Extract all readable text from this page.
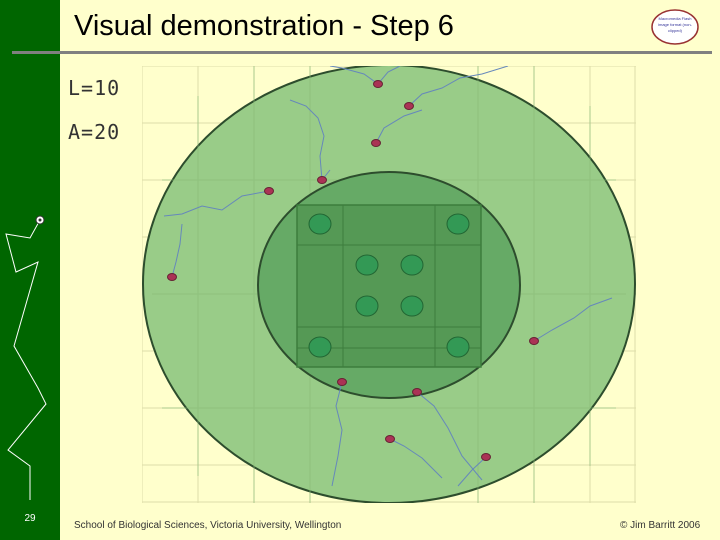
29
Visual demonstration - Step 6	Macromedia Flash image format (non-clipped)
L=10
A=20
School of Biological Sciences, Victoria University, Wellington	© Jim Barritt 2006
